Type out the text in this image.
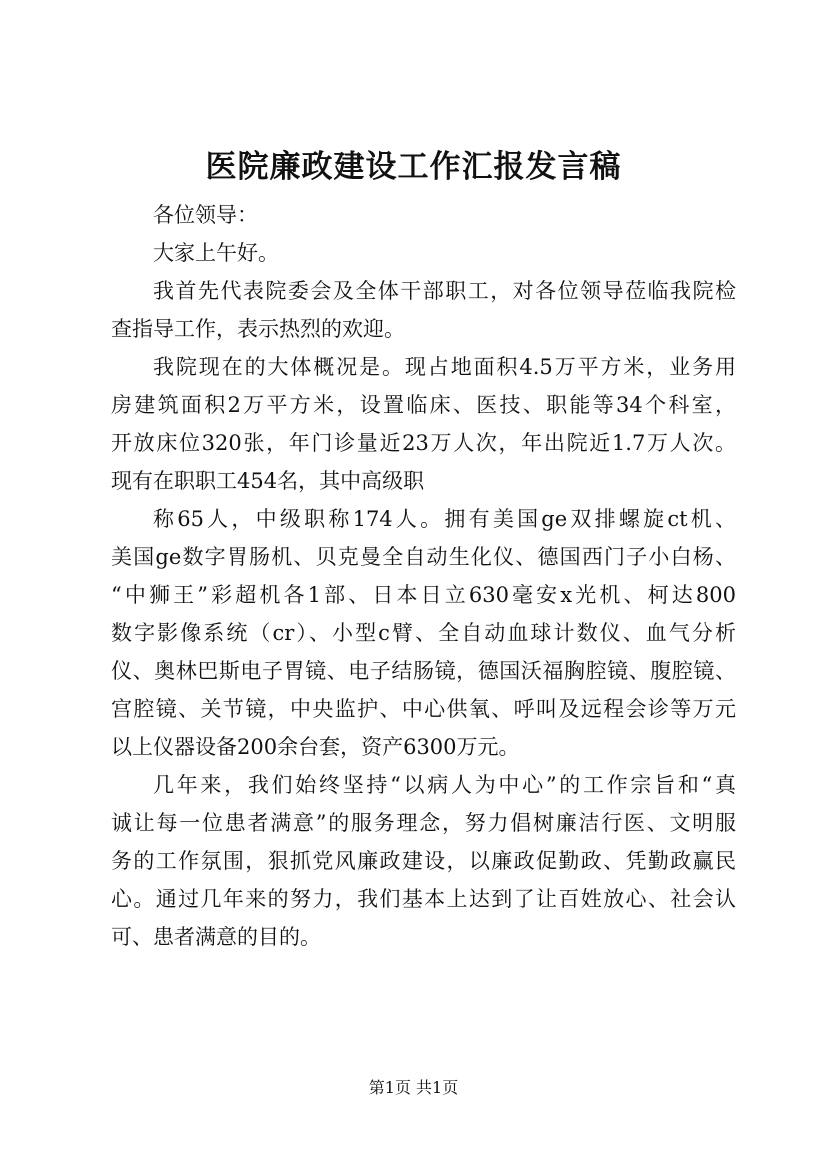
医院廉政建设工作汇报发言稿
各位领导：
大家上午好。
我首先代表院委会及全体干部职工，对各位领导莅临我院检
查指导工作，表示热烈的欢迎。
我院现在的大体概况是。现占地面积4.5万平方米，业务用
房建筑面积2万平方米，设置临床、医技、职能等34个科室，
开放床位320张，年门诊量近23万人次，年出院近1.7万人次。
现有在职职工454名，其中高级职
称65人，中级职称174人。拥有美国ge双排螺旋ct机、
美国ge数字胃肠机、贝克曼全自动生化仪、德国西门子小白杨、
“中狮王”彩超机各1部、日本日立630毫安x光机、柯达800
数字影像系统（cr）、小型c臂、全自动血球计数仪、血气分析
仪、奥林巴斯电子胃镜、电子结肠镜，德国沃福胸腔镜、腹腔镜、
宫腔镜、关节镜，中央监护、中心供氧、呼叫及远程会诊等万元
以上仪器设备200余台套，资产6300万元。
几年来，我们始终坚持“以病人为中心”的工作宗旨和“真
诚让每一位患者满意”的服务理念，努力倡树廉洁行医、文明服
务的工作氛围，狠抓党风廉政建设，以廉政促勤政、凭勤政赢民
心。通过几年来的努力，我们基本上达到了让百姓放心、社会认
可、患者满意的目的。
第1页 共1页
